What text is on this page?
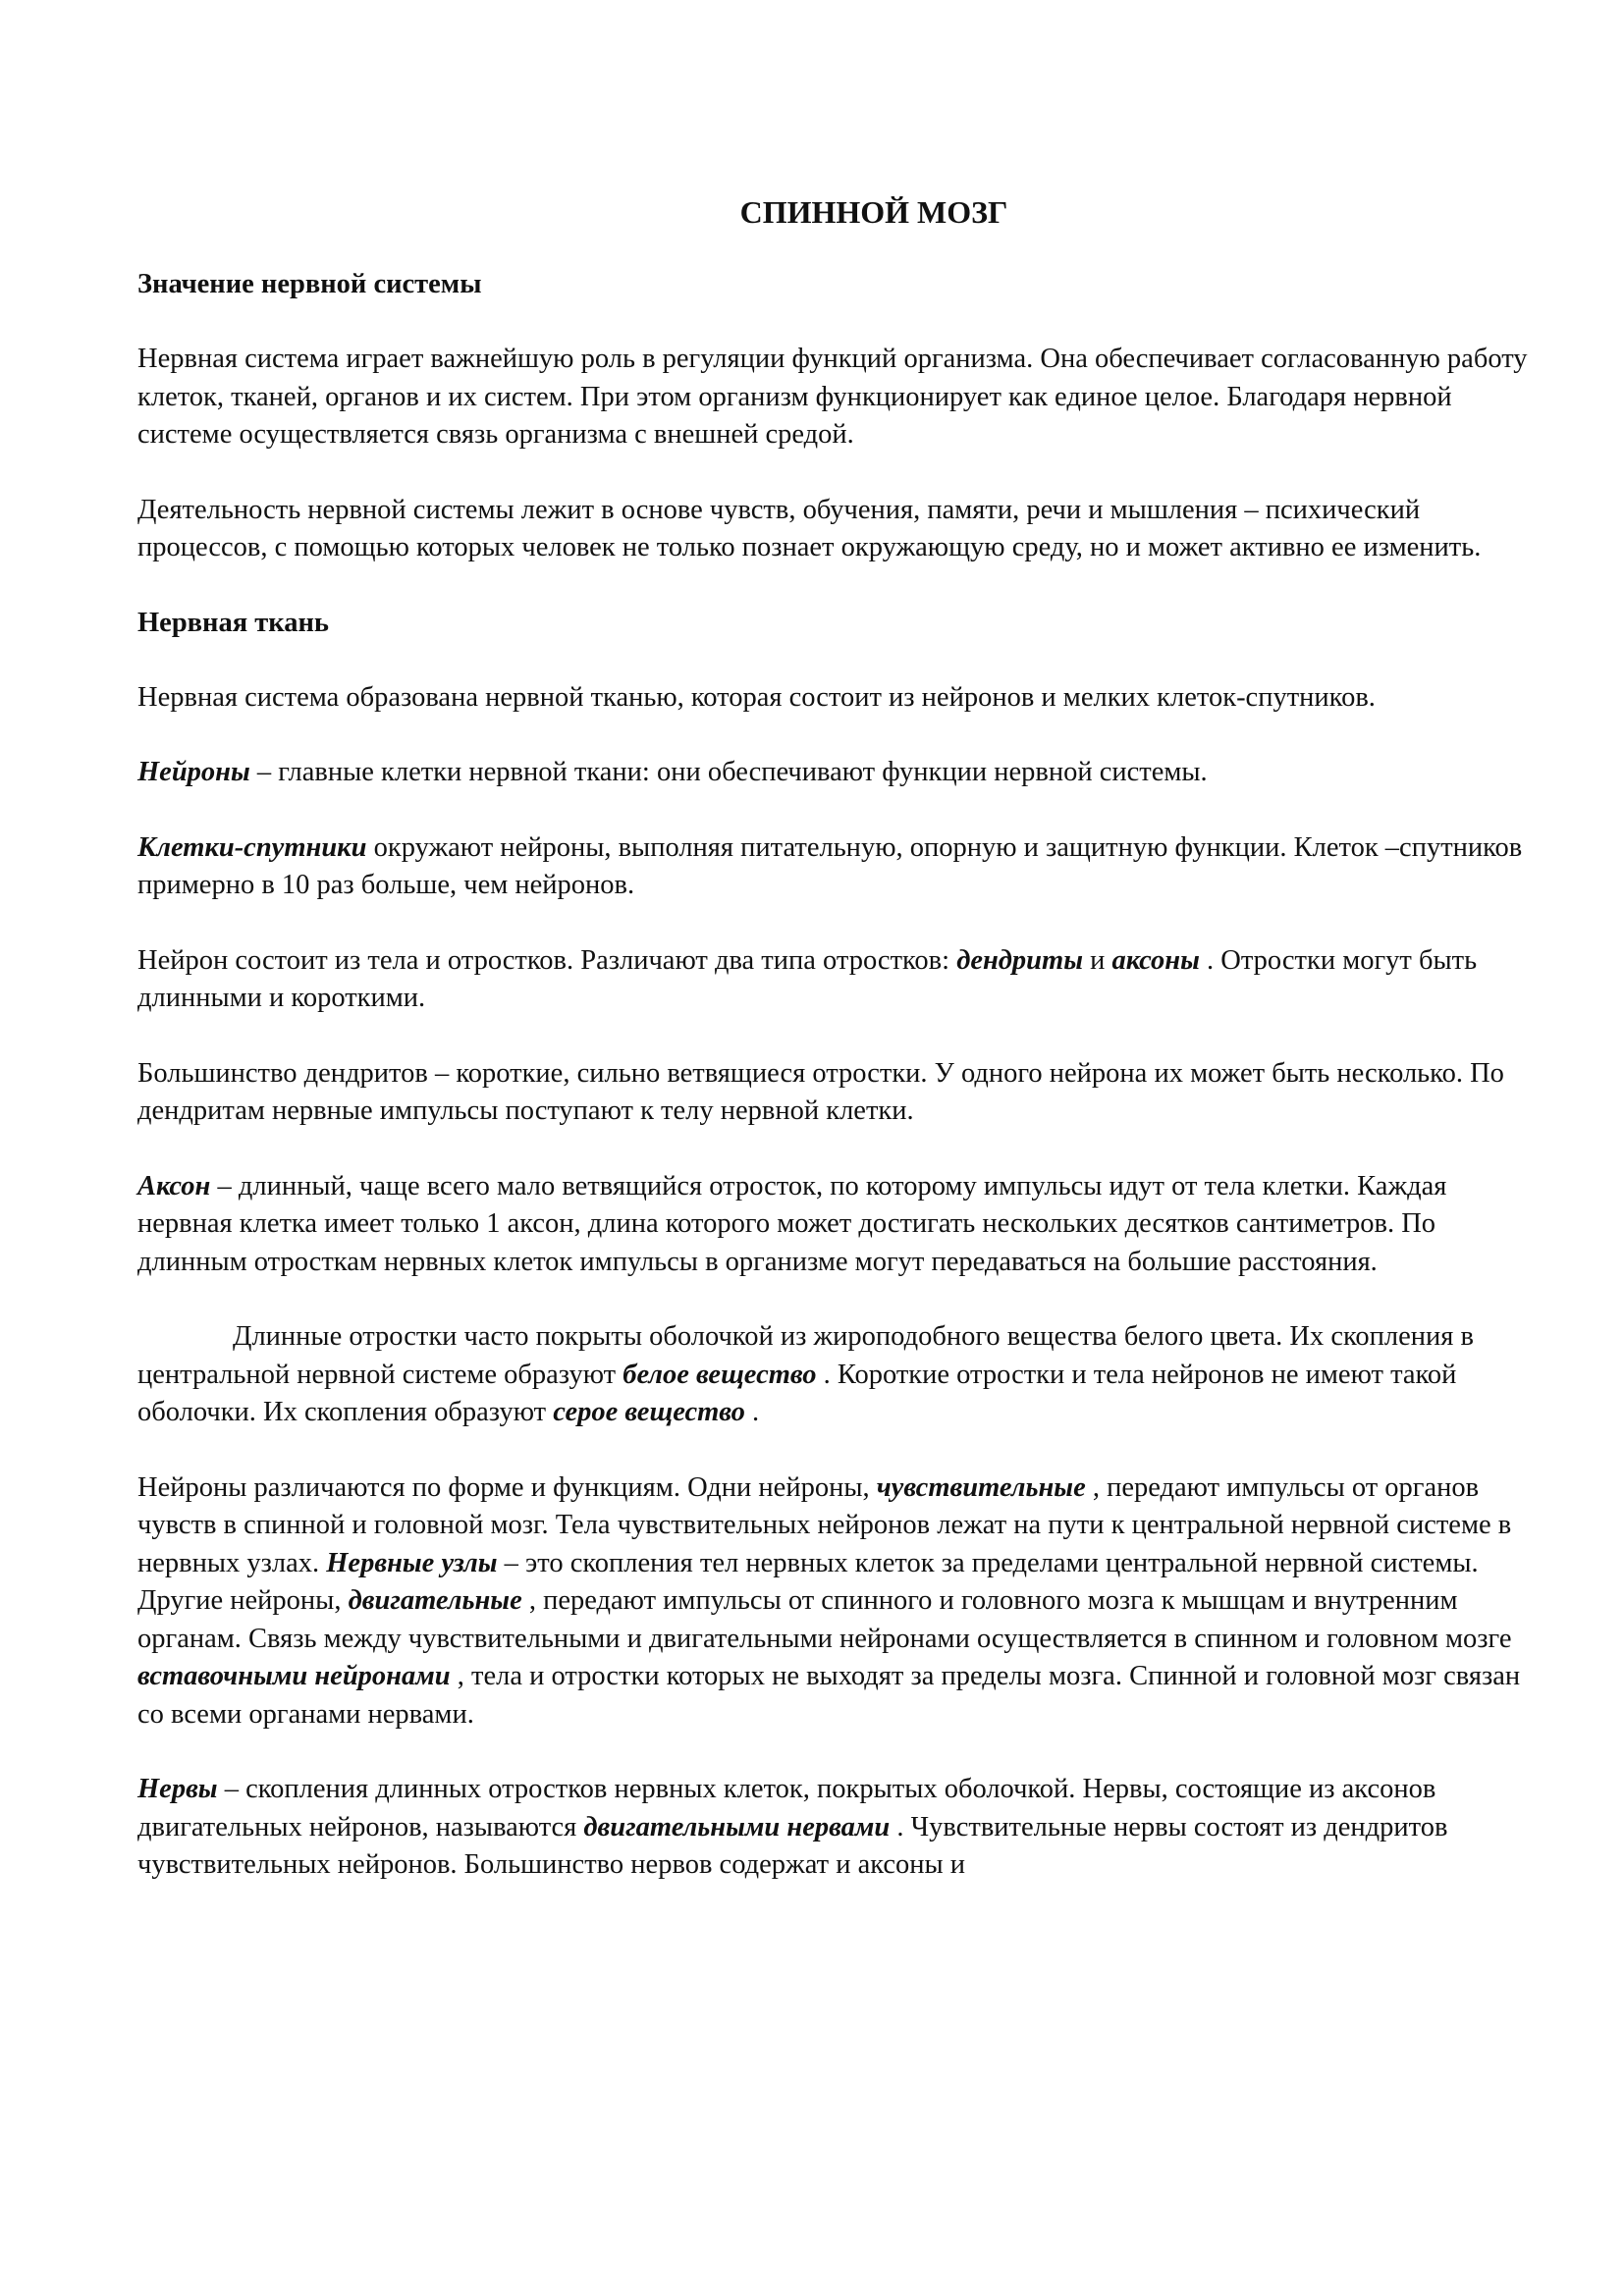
СПИННОЙ МОЗГ
Значение нервной системы

Нервная система играет важнейшую роль в регуляции функций организма. Она обеспечивает согласованную работу клеток, тканей, органов и их систем. При этом организм функционирует как единое целое. Благодаря нервной системе осуществляется связь организма с внешней средой.

Деятельность нервной системы лежит в основе чувств, обучения, памяти, речи и мышления – психический процессов, с помощью которых человек не только познает окружающую среду, но и может активно ее изменить.

Нервная ткань

Нервная система образована нервной тканью, которая состоит из нейронов и мелких клеток-спутников.

Нейроны – главные клетки нервной ткани: они обеспечивают функции нервной системы.

Клетки-спутники окружают нейроны, выполняя питательную, опорную и защитную функции. Клеток –спутников примерно в 10 раз больше, чем нейронов.

Нейрон состоит из тела и отростков. Различают два типа отростков: дендриты и аксоны . Отростки могут быть длинными и короткими.

Большинство дендритов – короткие, сильно ветвящиеся отростки. У одного нейрона их может быть несколько. По дендритам нервные импульсы поступают к телу нервной клетки.

Аксон – длинный, чаще всего мало ветвящийся отросток, по которому импульсы идут от тела клетки. Каждая нервная клетка имеет только 1 аксон, длина которого может достигать нескольких десятков сантиметров. По длинным отросткам нервных клеток импульсы в организме могут передаваться на большие расстояния.

Длинные отростки часто покрыты оболочкой из жироподобного вещества белого цвета. Их скопления в центральной нервной системе образуют белое вещество . Короткие отростки и тела нейронов не имеют такой оболочки. Их скопления образуют серое вещество .

Нейроны различаются по форме и функциям. Одни нейроны, чувствительные , передают импульсы от органов чувств в спинной и головной мозг. Тела чувствительных нейронов лежат на пути к центральной нервной системе в нервных узлах. Нервные узлы – это скопления тел нервных клеток за пределами центральной нервной системы. Другие нейроны, двигательные , передают импульсы от спинного и головного мозга к мышцам и внутренним органам. Связь между чувствительными и двигательными нейронами осуществляется в спинном и головном мозге вставочными нейронами , тела и отростки которых не выходят за пределы мозга. Спинной и головной мозг связан со всеми органами нервами.

Нервы – скопления длинных отростков нервных клеток, покрытых оболочкой. Нервы, состоящие из аксонов двигательных нейронов, называются двигательными нервами . Чувствительные нервы состоят из дендритов чувствительных нейронов. Большинство нервов содержат и аксоны и
